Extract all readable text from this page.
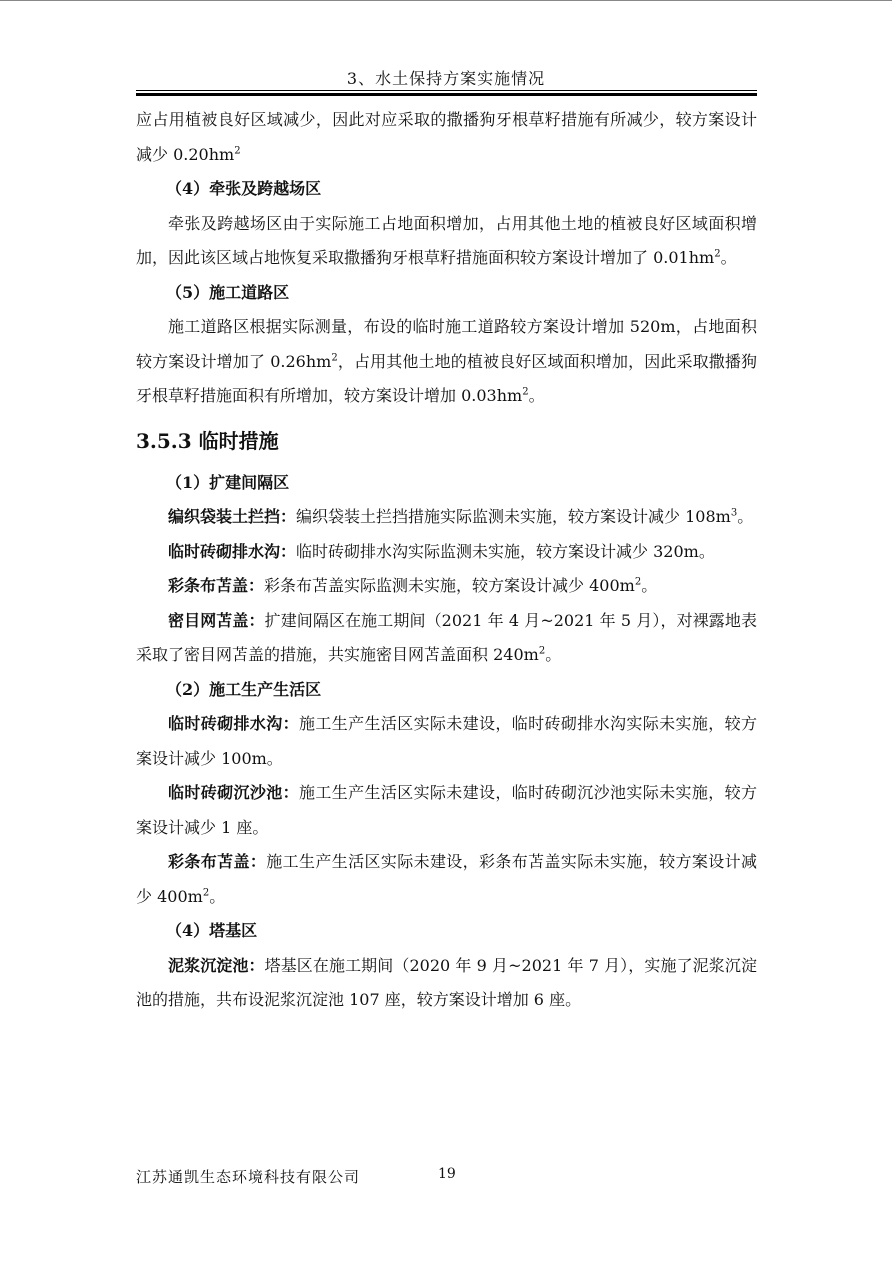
3、水土保持方案实施情况

应占用植被良好区域减少，因此对应采取的撒播狗牙根草籽措施有所减少，较方案设计减少 $0.20hm^2$

（4）牵张及跨越场区

牵张及跨越场区由于实际施工占地面积增加，占用其他土地的植被良好区域面积增加，因此该区域占地恢复采取撒播狗牙根草籽措施面积较方案设计增加了 $0.01hm^2$。

（5）施工道路区

施工道路区根据实际测量，布设的临时施工道路较方案设计增加 520m，占地面积较方案设计增加了 $0.26hm^2$，占用其他土地的植被良好区域面积增加，因此采取撒播狗牙根草籽措施面积有所增加，较方案设计增加 $0.03hm^2$。

3.5.3 临时措施
（1）扩建间隔区

编织袋装土拦挡：编织袋装土拦挡措施实际监测未实施，较方案设计减少 $108m^3$。

临时砖砌排水沟：临时砖砌排水沟实际监测未实施，较方案设计减少 320m。

彩条布苫盖：彩条布苫盖实际监测未实施，较方案设计减少 $400m^2$。

密目网苫盖：扩建间隔区在施工期间（2021 年 4 月~2021 年 5 月），对裸露地表采取了密目网苫盖的措施，共实施密目网苫盖面积 $240m^2$。

（2）施工生产生活区

临时砖砌排水沟：施工生产生活区实际未建设，临时砖砌排水沟实际未实施，较方案设计减少 100m。

临时砖砌沉沙池：施工生产生活区实际未建设，临时砖砌沉沙池实际未实施，较方案设计减少 1 座。

彩条布苫盖：施工生产生活区实际未建设，彩条布苫盖实际未实施，较方案设计减少 $400m^2$。

（4）塔基区

泥浆沉淀池：塔基区在施工期间（2020 年 9 月~2021 年 7 月），实施了泥浆沉淀池的措施，共布设泥浆沉淀池 107 座，较方案设计增加 6 座。

江苏通凯生态环境科技有限公司	19
